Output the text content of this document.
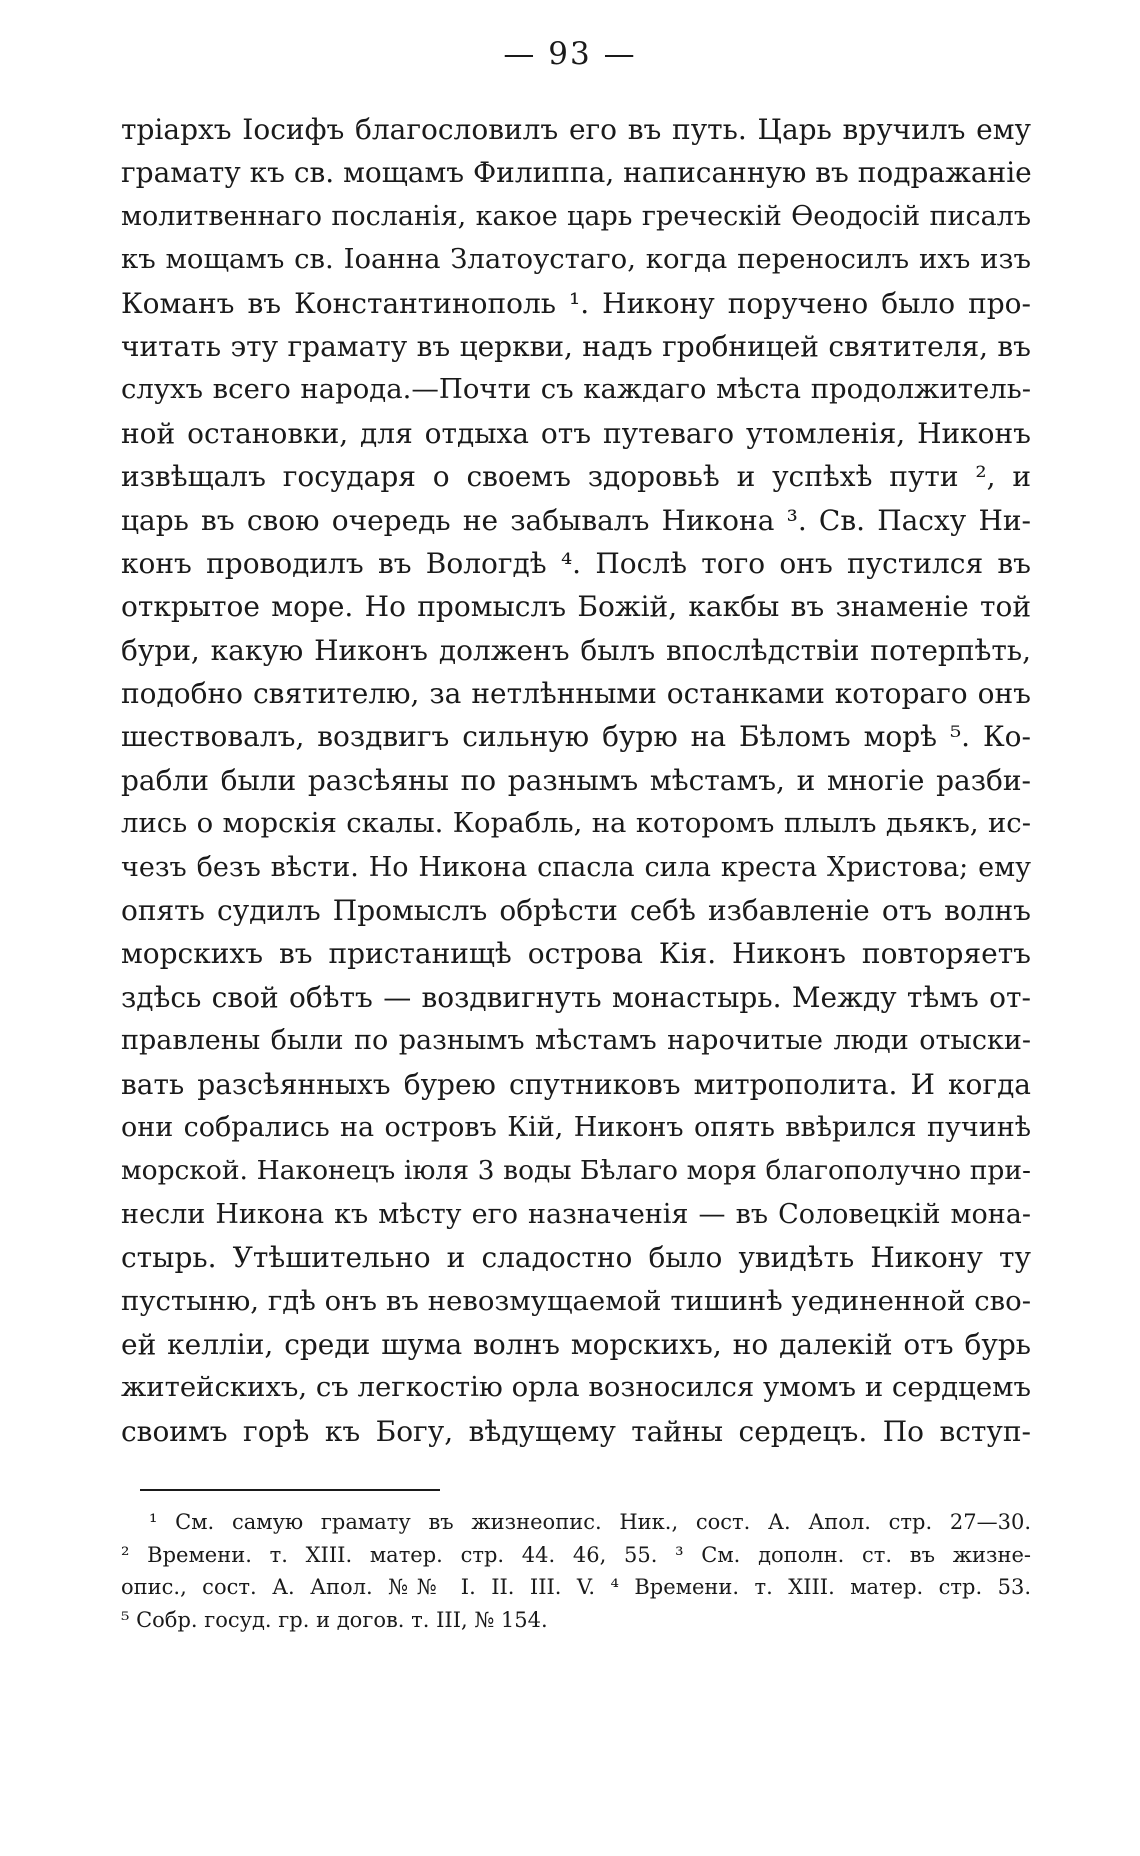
— 93 —
тріархъ Іосифъ благословилъ его въ путь. Царь вручилъ ему
грамату къ св. мощамъ Филиппа, написанную въ подражаніе
молитвеннаго посланія, какое царь греческій Ѳеодосій писалъ
къ мощамъ св. Іоанна Златоустаго, когда переносилъ ихъ изъ
Команъ въ Константинополь ¹. Никону поручено было про-
читать эту грамату въ церкви, надъ гробницей святителя, въ
слухъ всего народа.—Почти съ каждаго мѣста продолжитель-
ной остановки, для отдыха отъ путеваго утомленія, Никонъ
извѣщалъ государя о своемъ здоровьѣ и успѣхѣ пути ², и
царь въ свою очередь не забывалъ Никона ³. Св. Пасху Ни-
конъ проводилъ въ Вологдѣ ⁴. Послѣ того онъ пустился въ
открытое море. Но промыслъ Божій, какбы въ знаменіе той
бури, какую Никонъ долженъ былъ впослѣдствіи потерпѣть,
подобно святителю, за нетлѣнными останками котораго онъ
шествовалъ, воздвигъ сильную бурю на Бѣломъ морѣ ⁵. Ко-
рабли были разсѣяны по разнымъ мѣстамъ, и многіе разби-
лись о морскія скалы. Корабль, на которомъ плылъ дьякъ, ис-
чезъ безъ вѣсти. Но Никона спасла сила креста Христова; ему
опять судилъ Промыслъ обрѣсти себѣ избавленіе отъ волнъ
морскихъ въ пристанищѣ острова Кія. Никонъ повторяетъ
здѣсь свой обѣтъ — воздвигнуть монастырь. Между тѣмъ от-
правлены были по разнымъ мѣстамъ нарочитые люди отыски-
вать разсѣянныхъ бурею спутниковъ митрополита. И когда
они собрались на островъ Кій, Никонъ опять ввѣрился пучинѣ
морской. Наконецъ іюля 3 воды Бѣлаго моря благополучно при-
несли Никона къ мѣсту его назначенія — въ Соловецкій мона-
стырь. Утѣшительно и сладостно было увидѣть Никону ту
пустыню, гдѣ онъ въ невозмущаемой тишинѣ уединенной сво-
ей келліи, среди шума волнъ морскихъ, но далекій отъ бурь
житейскихъ, съ легкостію орла возносился умомъ и сердцемъ
своимъ горѣ къ Богу, вѣдущему тайны сердецъ. По вступ-
¹ См. самую грамату въ жизнеопис. Ник., сост. А. Апол. стр. 27—30.
² Времени. т. XIII. матер. стр. 44. 46, 55. ³ См. дополн. ст. въ жизне-
опис., сост. А. Апол. №№ I. II. III. V. ⁴ Времени. т. XIII. матер. стр. 53.
⁵ Собр. госуд. гр. и догов. т. III, № 154.
